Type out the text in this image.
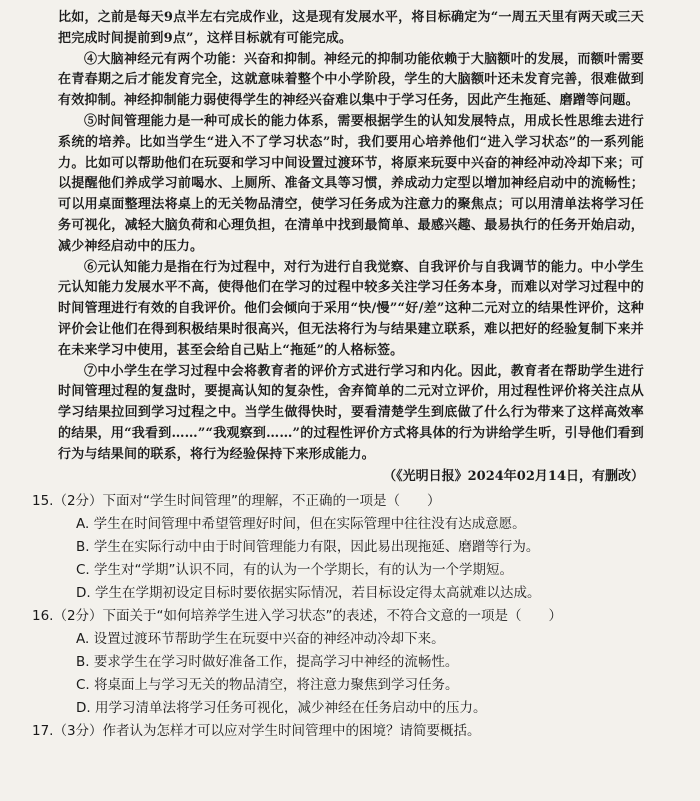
比如，之前是每天9点半左右完成作业，这是现有发展水平，将目标确定为“一周五天里有两天或三天把完成时间提前到9点”，这样目标就有可能完成。

④大脑神经元有两个功能：兴奋和抑制。神经元的抑制功能依赖于大脑额叶的发展，而额叶需要在青春期之后才能发育完全，这就意味着整个中小学阶段，学生的大脑额叶还未发育完善，很难做到有效抑制。神经抑制能力弱使得学生的神经兴奋难以集中于学习任务，因此产生拖延、磨蹭等问题。

⑤时间管理能力是一种可成长的能力体系，需要根据学生的认知发展特点，用成长性思维去进行系统的培养。比如当学生“进入不了学习状态”时，我们要用心培养他们“进入学习状态”的一系列能力。比如可以帮助他们在玩耍和学习中间设置过渡环节，将原来玩耍中兴奋的神经冲动冷却下来；可以提醒他们养成学习前喝水、上厕所、准备文具等习惯，养成动力定型以增加神经启动中的流畅性；可以用桌面整理法将桌上的无关物品清空，使学习任务成为注意力的聚焦点；可以用清单法将学习任务可视化，减轻大脑负荷和心理负担，在清单中找到最简单、最感兴趣、最易执行的任务开始启动，减少神经启动中的压力。

⑥元认知能力是指在行为过程中，对行为进行自我觉察、自我评价与自我调节的能力。中小学生元认知能力发展水平不高，使得他们在学习的过程中较多关注学习任务本身，而难以对学习过程中的时间管理进行有效的自我评价。他们会倾向于采用“快/慢”“好/差”这种二元对立的结果性评价，这种评价会让他们在得到积极结果时很高兴，但无法将行为与结果建立联系，难以把好的经验复制下来并在未来学习中使用，甚至会给自己贴上“拖延”的人格标签。

⑦中小学生在学习过程中会将教育者的评价方式进行学习和内化。因此，教育者在帮助学生进行时间管理过程的复盘时，要提高认知的复杂性，舍弃简单的二元对立评价，用过程性评价将关注点从学习结果拉回到学习过程之中。当学生做得快时，要看清楚学生到底做了什么行为带来了这样高效率的结果，用“我看到……”“我观察到……”的过程性评价方式将具体的行为讲给学生听，引导他们看到行为与结果间的联系，将行为经验保持下来形成能力。

（《光明日报》2024年02月14日，有删改）

15.（2分）下面对“学生时间管理”的理解，不正确的一项是（　　）

A. 学生在时间管理中希望管理好时间，但在实际管理中往往没有达成意愿。

B. 学生在实际行动中由于时间管理能力有限，因此易出现拖延、磨蹭等行为。

C. 学生对“学期”认识不同，有的认为一个学期长，有的认为一个学期短。

D. 学生在学期初设定目标时要依据实际情况，若目标设定得太高就难以达成。

16.（2分）下面关于“如何培养学生进入学习状态”的表述，不符合文意的一项是（　　）

A. 设置过渡环节帮助学生在玩耍中兴奋的神经冲动冷却下来。

B. 要求学生在学习时做好准备工作，提高学习中神经的流畅性。

C. 将桌面上与学习无关的物品清空，将注意力聚焦到学习任务。

D. 用学习清单法将学习任务可视化，减少神经在任务启动中的压力。

17.（3分）作者认为怎样才可以应对学生时间管理中的困境？请简要概括。
